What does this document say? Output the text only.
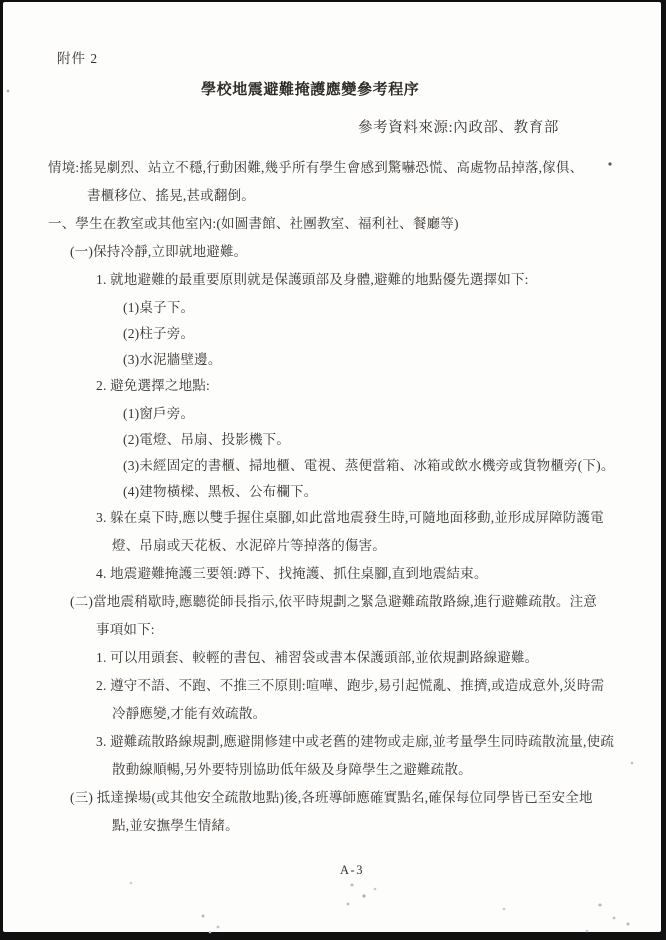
附件 2
學校地震避難掩護應變參考程序
參考資料來源:內政部、教育部
情境:搖晃劇烈、站立不穩,行動困難,幾乎所有學生會感到驚嚇恐慌、高處物品掉落,傢俱、
書櫃移位、搖晃,甚或翻倒。
一、學生在教室或其他室內:(如圖書館、社團教室、福利社、餐廳等)
(一)保持冷靜,立即就地避難。
1. 就地避難的最重要原則就是保護頭部及身體,避難的地點優先選擇如下:
(1)桌子下。
(2)柱子旁。
(3)水泥牆壁邊。
2. 避免選擇之地點:
(1)窗戶旁。
(2)電燈、吊扇、投影機下。
(3)未經固定的書櫃、掃地櫃、電視、蒸便當箱、冰箱或飲水機旁或貨物櫃旁(下)。
(4)建物橫樑、黑板、公布欄下。
3. 躲在桌下時,應以雙手握住桌腳,如此當地震發生時,可隨地面移動,並形成屏障防護電
燈、吊扇或天花板、水泥碎片等掉落的傷害。
4. 地震避難掩護三要領:蹲下、找掩護、抓住桌腳,直到地震結束。
(二)當地震稍歇時,應聽從師長指示,依平時規劃之緊急避難疏散路線,進行避難疏散。注意
事項如下:
1. 可以用頭套、較輕的書包、補習袋或書本保護頭部,並依規劃路線避難。
2. 遵守不語、不跑、不推三不原則:喧嘩、跑步,易引起慌亂、推擠,或造成意外,災時需
冷靜應變,才能有效疏散。
3. 避難疏散路線規劃,應避開修建中或老舊的建物或走廊,並考量學生同時疏散流量,使疏
散動線順暢,另外要特別協助低年級及身障學生之避難疏散。
(三) 抵達操場(或其他安全疏散地點)後,各班導師應確實點名,確保每位同學皆已至安全地
點,並安撫學生情緒。
A-3
